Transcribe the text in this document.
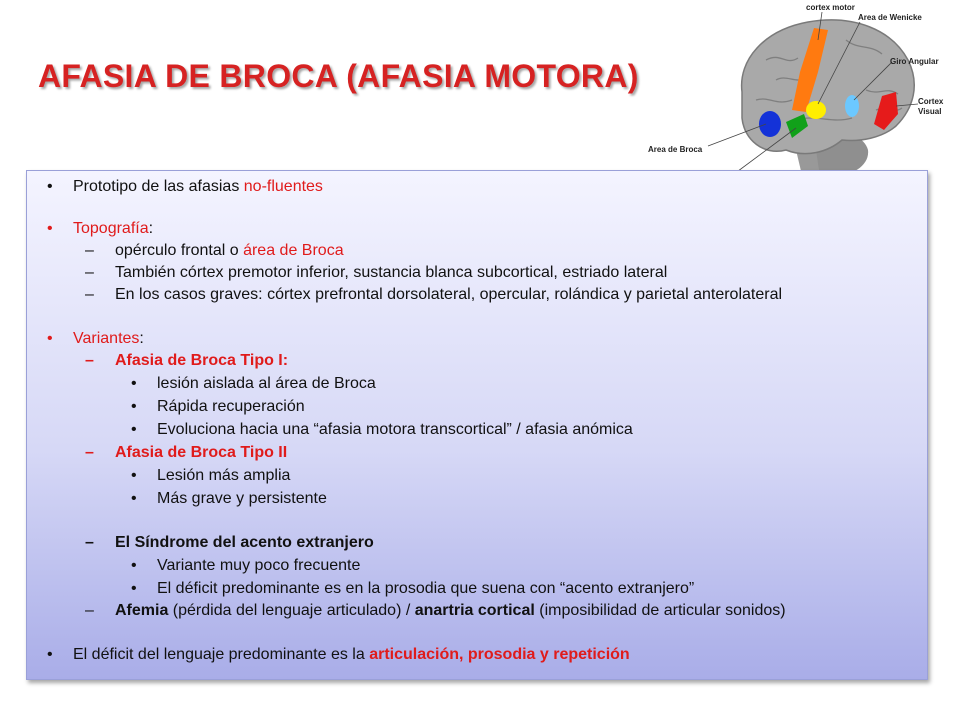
AFASIA DE BROCA (AFASIA MOTORA)
cortex motor
Area de Wenicke
Giro Angular
Cortex
Visual
Area de Broca
• Prototipo de las afasias no-fluentes
• Topografía:
–	opérculo frontal o área de Broca
–	También córtex premotor inferior, sustancia blanca subcortical, estriado lateral
–	En los casos graves: córtex prefrontal dorsolateral, opercular, rolándica y parietal anterolateral
• Variantes:
–	Afasia de Broca Tipo I:
• lesión aislada al área de Broca
• Rápida recuperación
• Evoluciona hacia una “afasia motora transcortical” / afasia anómica
–	Afasia de Broca Tipo II
• Lesión más amplia
• Más grave y persistente
–	El Síndrome del acento extranjero
• Variante muy poco frecuente
• El déficit predominante es en la prosodia que suena con “acento extranjero”
–	Afemia (pérdida del lenguaje articulado) / anartria cortical (imposibilidad de articular sonidos)
• El déficit del lenguaje predominante es la articulación, prosodia y repetición
